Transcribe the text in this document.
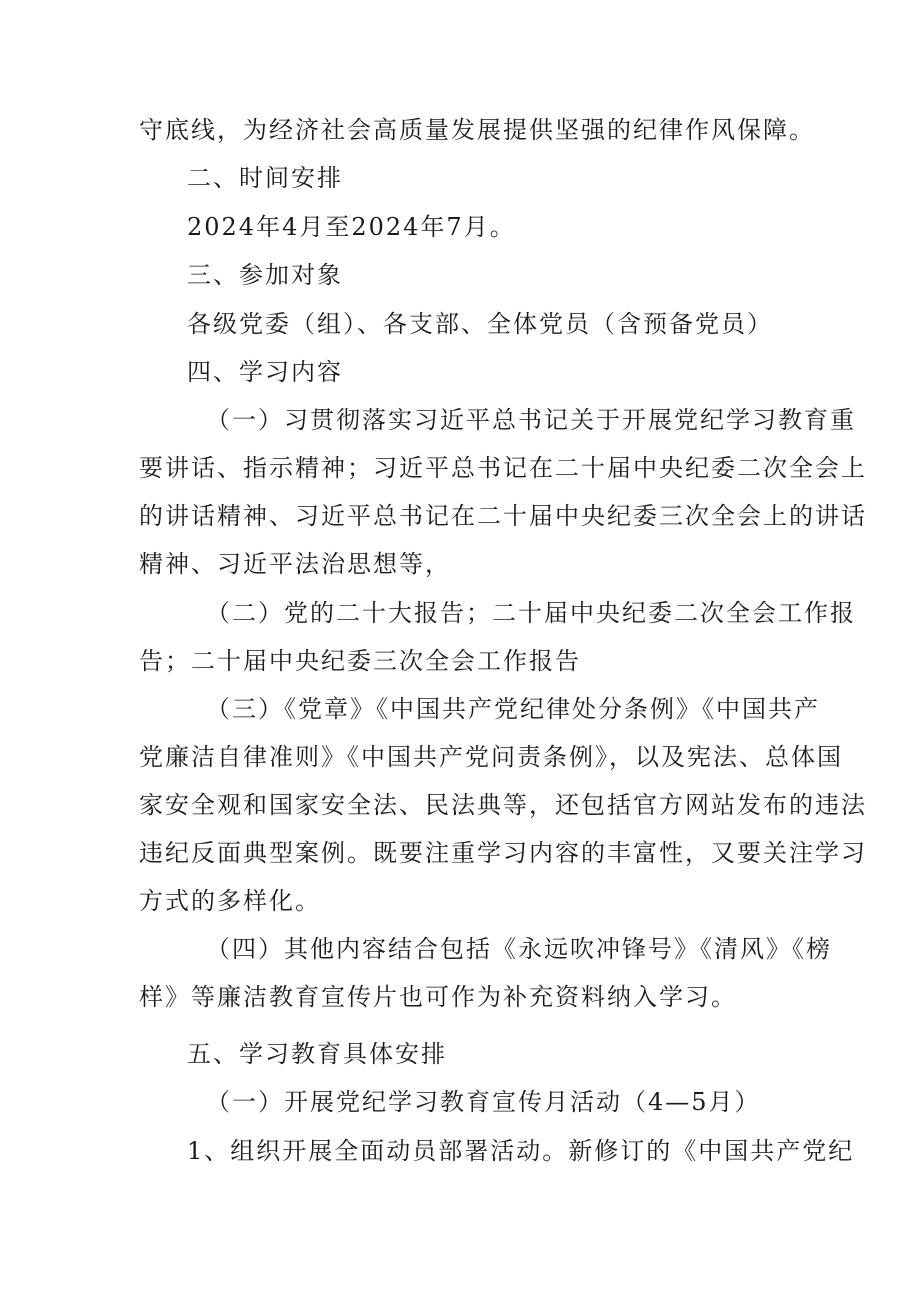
守底线，为经济社会高质量发展提供坚强的纪律作风保障。
二、时间安排
2024年4月至2024年7月。
三、参加对象
各级党委（组）、各支部、全体党员（含预备党员）
四、学习内容
（一）习贯彻落实习近平总书记关于开展党纪学习教育重
要讲话、指示精神；习近平总书记在二十届中央纪委二次全会上
的讲话精神、习近平总书记在二十届中央纪委三次全会上的讲话
精神、习近平法治思想等，
（二）党的二十大报告；二十届中央纪委二次全会工作报
告；二十届中央纪委三次全会工作报告
（三）《党章》《中国共产党纪律处分条例》《中国共产
党廉洁自律准则》《中国共产党问责条例》，以及宪法、总体国
家安全观和国家安全法、民法典等，还包括官方网站发布的违法
违纪反面典型案例。既要注重学习内容的丰富性，又要关注学习
方式的多样化。
（四）其他内容结合包括《永远吹冲锋号》《清风》《榜
样》等廉洁教育宣传片也可作为补充资料纳入学习。
五、学习教育具体安排
（一）开展党纪学习教育宣传月活动（4—5月）
1、组织开展全面动员部署活动。新修订的《中国共产党纪
